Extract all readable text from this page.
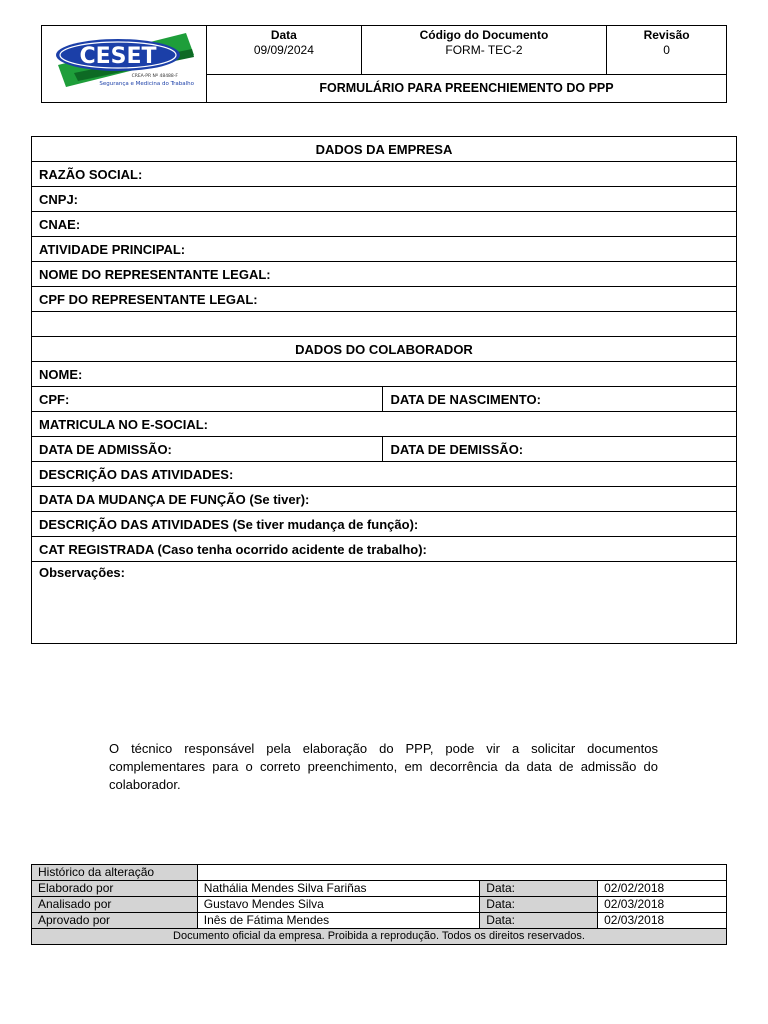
CESET
CREA-PR Nº 48488-F
Segurança e Medicina do Trabalho

Data
09/09/2024

Código do Documento
FORM- TEC-2

Revisão
0

FORMULÁRIO PARA PREENCHIEMENTO DO PPP
DADOS DA EMPRESA	
RAZÃO SOCIAL:	
CNPJ:	
CNAE:	
ATIVIDADE PRINCIPAL:	
NOME DO REPRESENTANTE LEGAL:	
CPF DO REPRESENTANTE LEGAL:	

DADOS DO COLABORADOR	
NOME:	
CPF:	DATA DE NASCIMENTO:
MATRICULA NO E-SOCIAL:	
DATA DE ADMISSÃO:	DATA DE DEMISSÃO:
DESCRIÇÃO DAS ATIVIDADES:	
DATA DA MUDANÇA DE FUNÇÃO (Se tiver):	
DESCRIÇÃO DAS ATIVIDADES (Se tiver mudança de função):	
CAT REGISTRADA (Caso tenha ocorrido acidente de trabalho):	
Observações:	

O técnico responsável pela elaboração do PPP, pode vir a solicitar documentos complementares para o correto preenchimento, em decorrência da data de admissão do colaborador.

Histórico da alteração			
Elaborado por	Nathália Mendes Silva Fariñas	Data:	02/02/2018
Analisado por	Gustavo Mendes Silva	Data:	02/03/2018
Aprovado por	Inês de Fátima Mendes	Data:	02/03/2018
Documento oficial da empresa. Proibida a reprodução. Todos os direitos reservados.			
